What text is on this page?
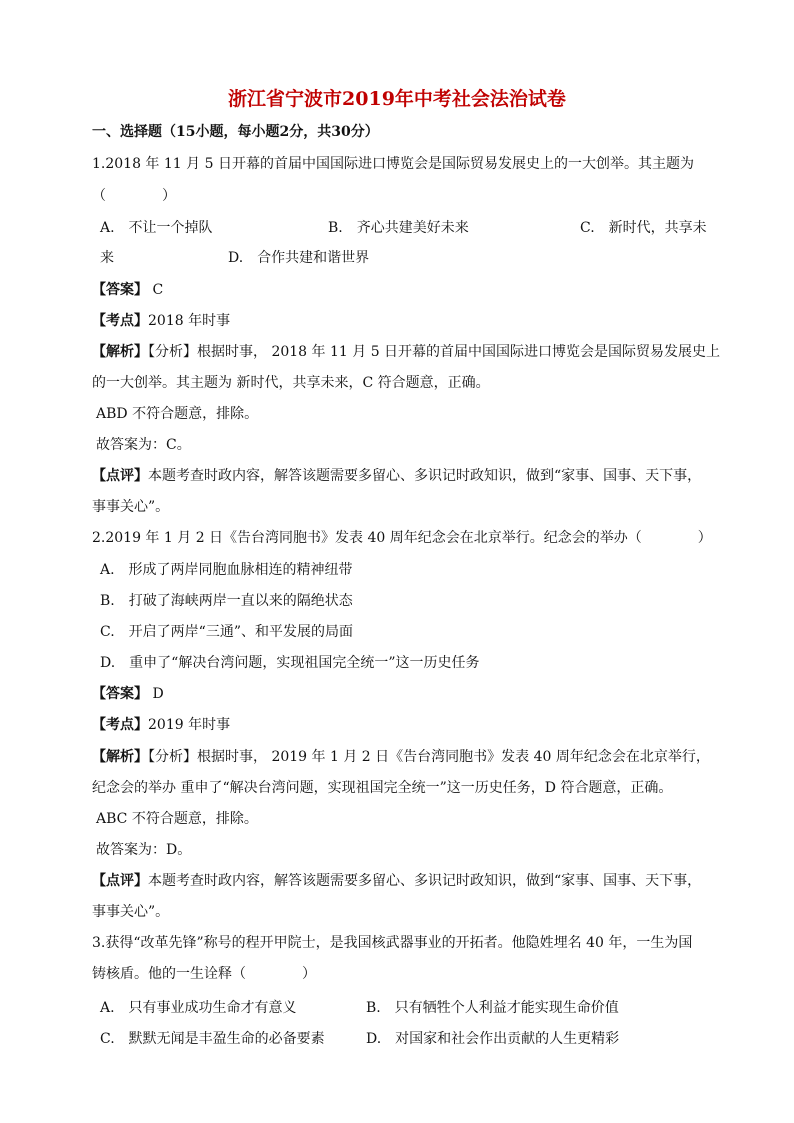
浙江省宁波市2019年中考社会法治试卷
一、选择题（15小题，每小题2分，共30分）
1.2018 年 11 月 5 日开幕的首届中国国际进口博览会是国际贸易发展史上的一大创举。其主题为
（　　　　）
A.　不让一个掉队	B.　齐心共建美好未来	C.　新时代，共享未
来	D.　合作共建和谐世界
【答案】 C
【考点】2018 年时事
【解析】【分析】根据时事， 2018 年 11 月 5 日开幕的首届中国国际进口博览会是国际贸易发展史上
的一大创举。其主题为 新时代，共享未来，C 符合题意，正确。
ABD 不符合题意，排除。
故答案为：C。
【点评】本题考查时政内容，解答该题需要多留心、多识记时政知识，做到“家事、国事、天下事，
事事关心”。
2.2019 年 1 月 2 日《告台湾同胞书》发表 40 周年纪念会在北京举行。纪念会的举办（　　　　）
A.　形成了两岸同胞血脉相连的精神纽带
B.　打破了海峡两岸一直以来的隔绝状态
C.　开启了两岸“三通”、和平发展的局面
D.　重申了“解决台湾问题，实现祖国完全统一”这一历史任务
【答案】 D
【考点】2019 年时事
【解析】【分析】根据时事， 2019 年 1 月 2 日《告台湾同胞书》发表 40 周年纪念会在北京举行，
纪念会的举办 重申了“解决台湾问题，实现祖国完全统一”这一历史任务，D 符合题意，正确。
ABC 不符合题意，排除。
故答案为：D。
【点评】本题考查时政内容，解答该题需要多留心、多识记时政知识，做到“家事、国事、天下事，
事事关心”。
3.获得“改革先锋”称号的程开甲院士，是我国核武器事业的开拓者。他隐姓埋名 40 年，一生为国
铸核盾。他的一生诠释（　　　　）
A.　只有事业成功生命才有意义	B.　只有牺牲个人利益才能实现生命价值
C.　默默无闻是丰盈生命的必备要素	D.　对国家和社会作出贡献的人生更精彩
